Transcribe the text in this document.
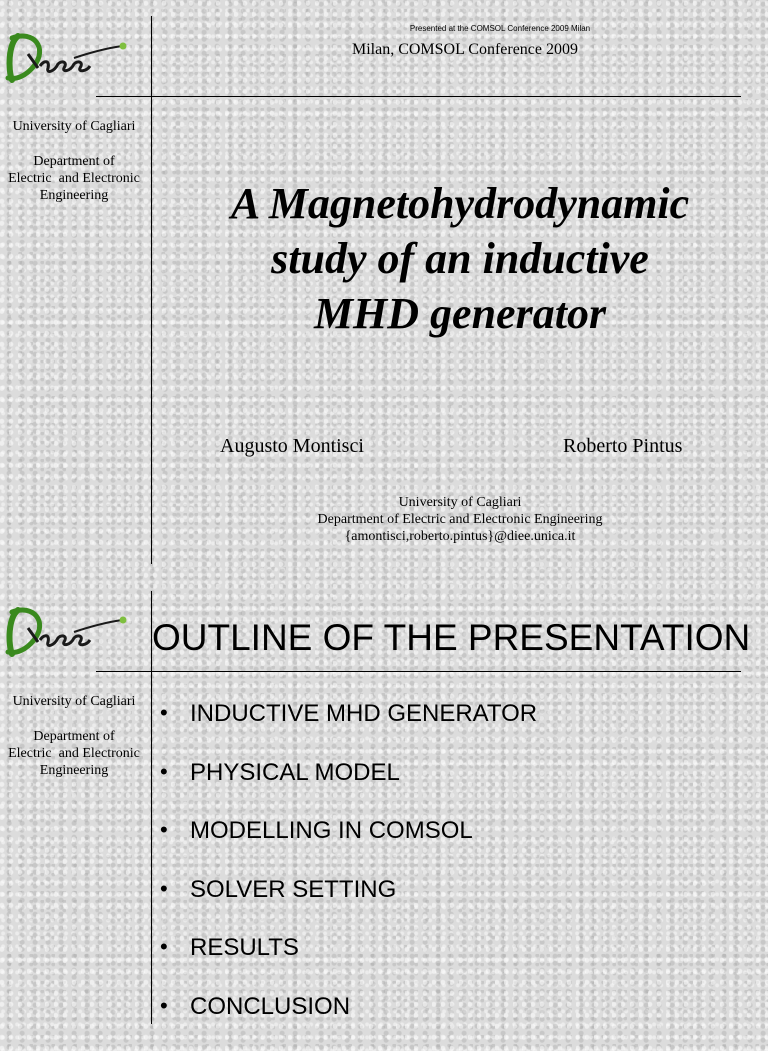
Presented at the COMSOL Conference 2009 Milan
Milan, COMSOL Conference 2009
University of Cagliari
Department of
Electric  and Electronic
Engineering	A Magnetohydrodynamic
study of an inductive
MHD generator
Augusto Montisci	Roberto Pintus
University of Cagliari
Department of Electric and Electronic Engineering
{amontisci,roberto.pintus}@diee.unica.it
OUTLINE OF THE PRESENTATION
University of Cagliari
Department of
Electric  and Electronic
Engineering
• INDUCTIVE MHD GENERATOR
• PHYSICAL MODEL
• MODELLING IN COMSOL
• SOLVER SETTING
• RESULTS
• CONCLUSION
